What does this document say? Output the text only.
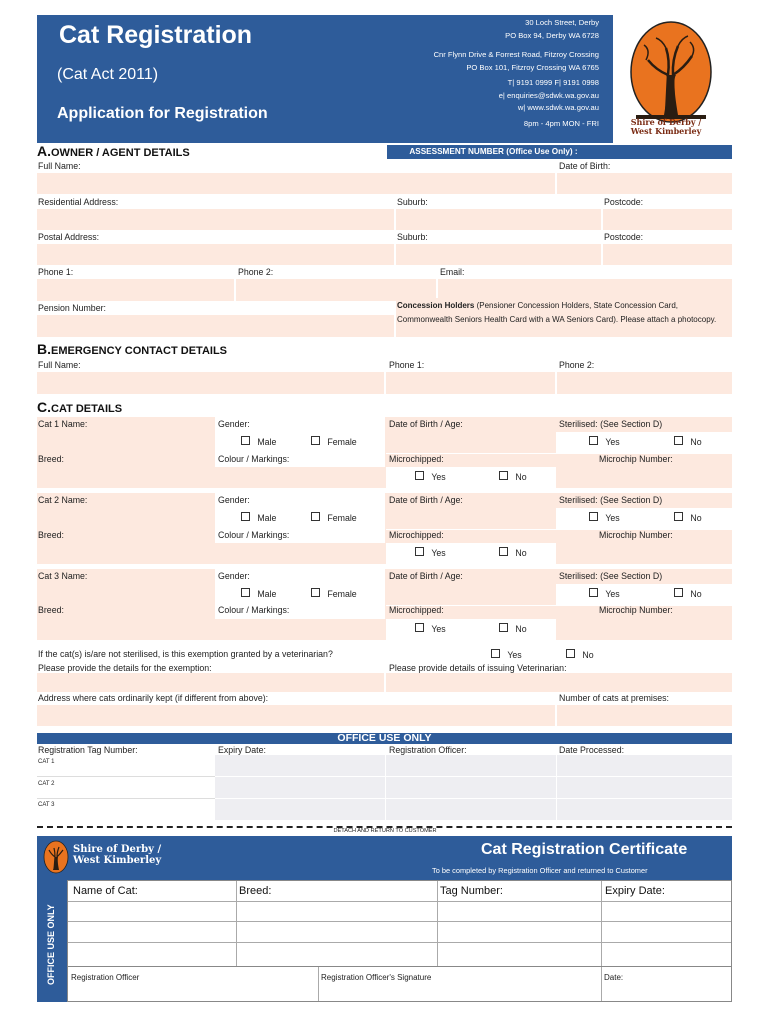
Cat Registration
(Cat Act 2011)
Application for Registration
30 Loch Street, Derby
PO Box 94, Derby WA 6728
Cnr Flynn Drive & Forrest Road, Fitzroy Crossing
PO Box 101, Fitzroy Crossing WA 6765
T| 9191 0999 F| 9191 0998
e| enquiries@sdwk.wa.gov.au
w| www.sdwk.wa.gov.au
8pm - 4pm MON - FRI	Shire of Derby /
West Kimberley
A.OWNER / AGENT DETAILS	ASSESSMENT NUMBER (Office Use Only) :
Full Name:	Date of Birth:
Residential Address:	Suburb:	Postcode:
Postal Address:	Suburb:	Postcode:
Phone 1:	Phone 2:	Email:
Pension Number:	Concession Holders (Pensioner Concession Holders, State Concession Card, Commonwealth Seniors Health Card with a WA Seniors Card). Please attach a photocopy.
B.EMERGENCY CONTACT DETAILS
Full Name:	Phone 1:	Phone 2:
C.CAT DETAILS
Cat 1 Name:	Gender:	Date of Birth / Age:	Sterilised: (See Section D)
Male	Female	Yes	No
Breed:	Colour / Markings:	Microchipped:	Microchip Number:
Yes	No
Cat 2 Name:	Gender:	Date of Birth / Age:	Sterilised: (See Section D)
Male	Female	Yes	No
Breed:	Colour / Markings:	Microchipped:	Microchip Number:
Yes	No
Cat 3 Name:	Gender:	Date of Birth / Age:	Sterilised: (See Section D)
Male	Female	Yes	No
Breed:	Colour / Markings:	Microchipped:	Microchip Number:
Yes	No
If the cat(s) is/are not sterilised, is this exemption granted by a veterinarian?	Yes	No
Please provide the details for the exemption:	Please provide details of issuing Veterinarian:
Address where cats ordinarily kept (if different from above):	Number of cats at premises:
OFFICE USE ONLY
Registration Tag Number:	Expiry Date:	Registration Officer:	Date Processed:
CAT 1
CAT 2
CAT 3
DETACH AND RETURN TO CUSTOMER
Shire of Derby /
West Kimberley
Cat Registration Certificate
To be completed by Registration Officer and returned to Customer
OFFICE USE ONLY
Name of Cat:	Breed:	Tag Number:	Expiry Date:
Registration Officer	Registration Officer's Signature	Date:
